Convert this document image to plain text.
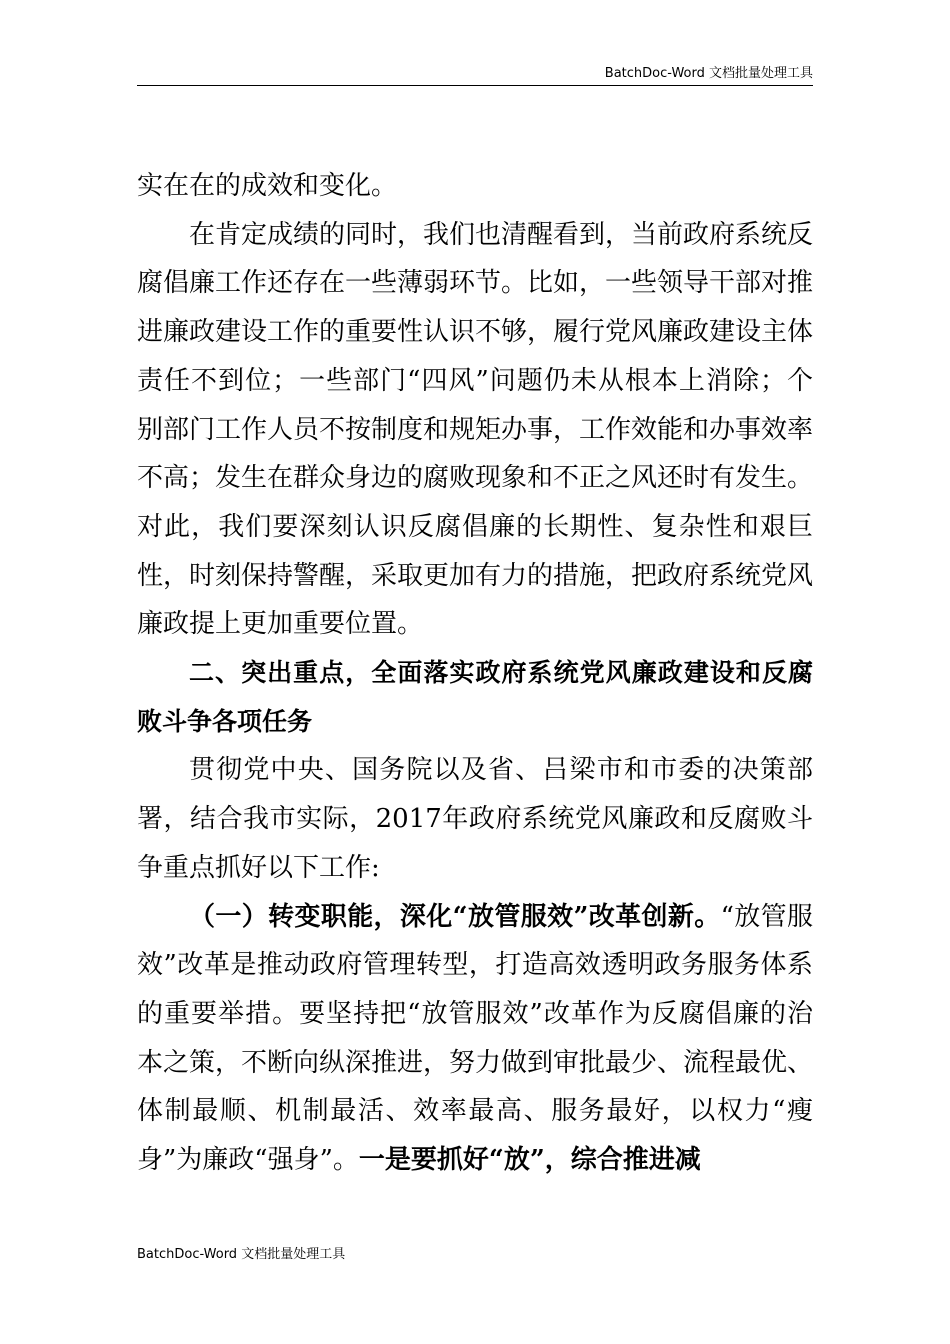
BatchDoc-Word 文档批量处理工具

实在在的成效和变化。

在肯定成绩的同时，我们也清醒看到，当前政府系统反腐倡廉工作还存在一些薄弱环节。比如，一些领导干部对推进廉政建设工作的重要性认识不够，履行党风廉政建设主体责任不到位；一些部门“四风”问题仍未从根本上消除；个别部门工作人员不按制度和规矩办事，工作效能和办事效率不高；发生在群众身边的腐败现象和不正之风还时有发生。对此，我们要深刻认识反腐倡廉的长期性、复杂性和艰巨性，时刻保持警醒，采取更加有力的措施，把政府系统党风廉政提上更加重要位置。

二、突出重点，全面落实政府系统党风廉政建设和反腐败斗争各项任务

贯彻党中央、国务院以及省、吕梁市和市委的决策部署，结合我市实际，2017年政府系统党风廉政和反腐败斗争重点抓好以下工作:

（一）转变职能，深化“放管服效”改革创新。“放管服效”改革是推动政府管理转型，打造高效透明政务服务体系的重要举措。要坚持把“放管服效”改革作为反腐倡廉的治本之策，不断向纵深推进，努力做到审批最少、流程最优、体制最顺、机制最活、效率最高、服务最好，以权力“瘦身”为廉政“强身”。一是要抓好“放”，综合推进减

BatchDoc-Word 文档批量处理工具
